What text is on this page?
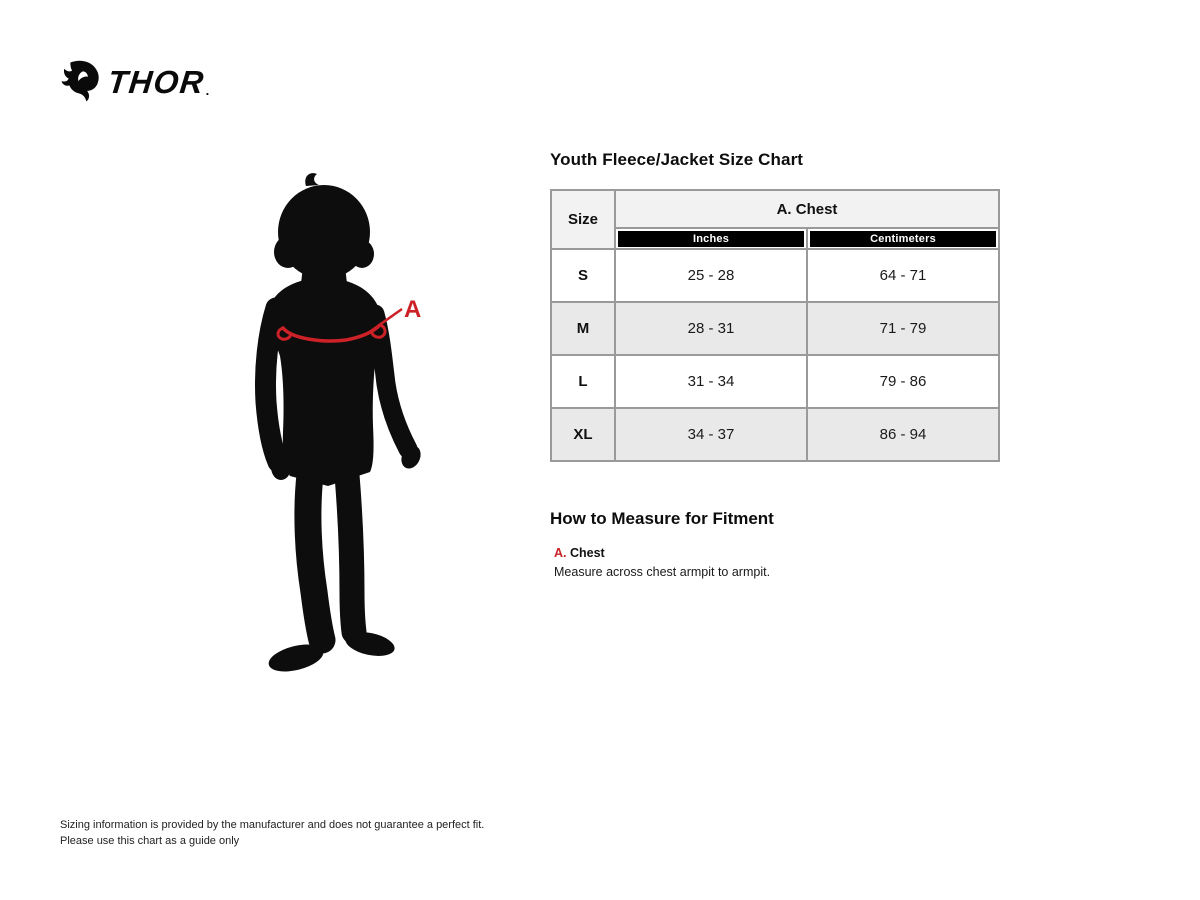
THOR .
A
Youth Fleece/Jacket Size Chart
Size	A. Chest	

	Inches	Centimeters

S	25 - 28	64 - 71
M	28 - 31	71 - 79
L	31 - 34	79 - 86
XL	34 - 37	86 - 94
How to Measure for Fitment
A. Chest
Measure across chest armpit to armpit.
Sizing information is provided by the manufacturer and does not guarantee a perfect fit.
Please use this chart as a guide only
